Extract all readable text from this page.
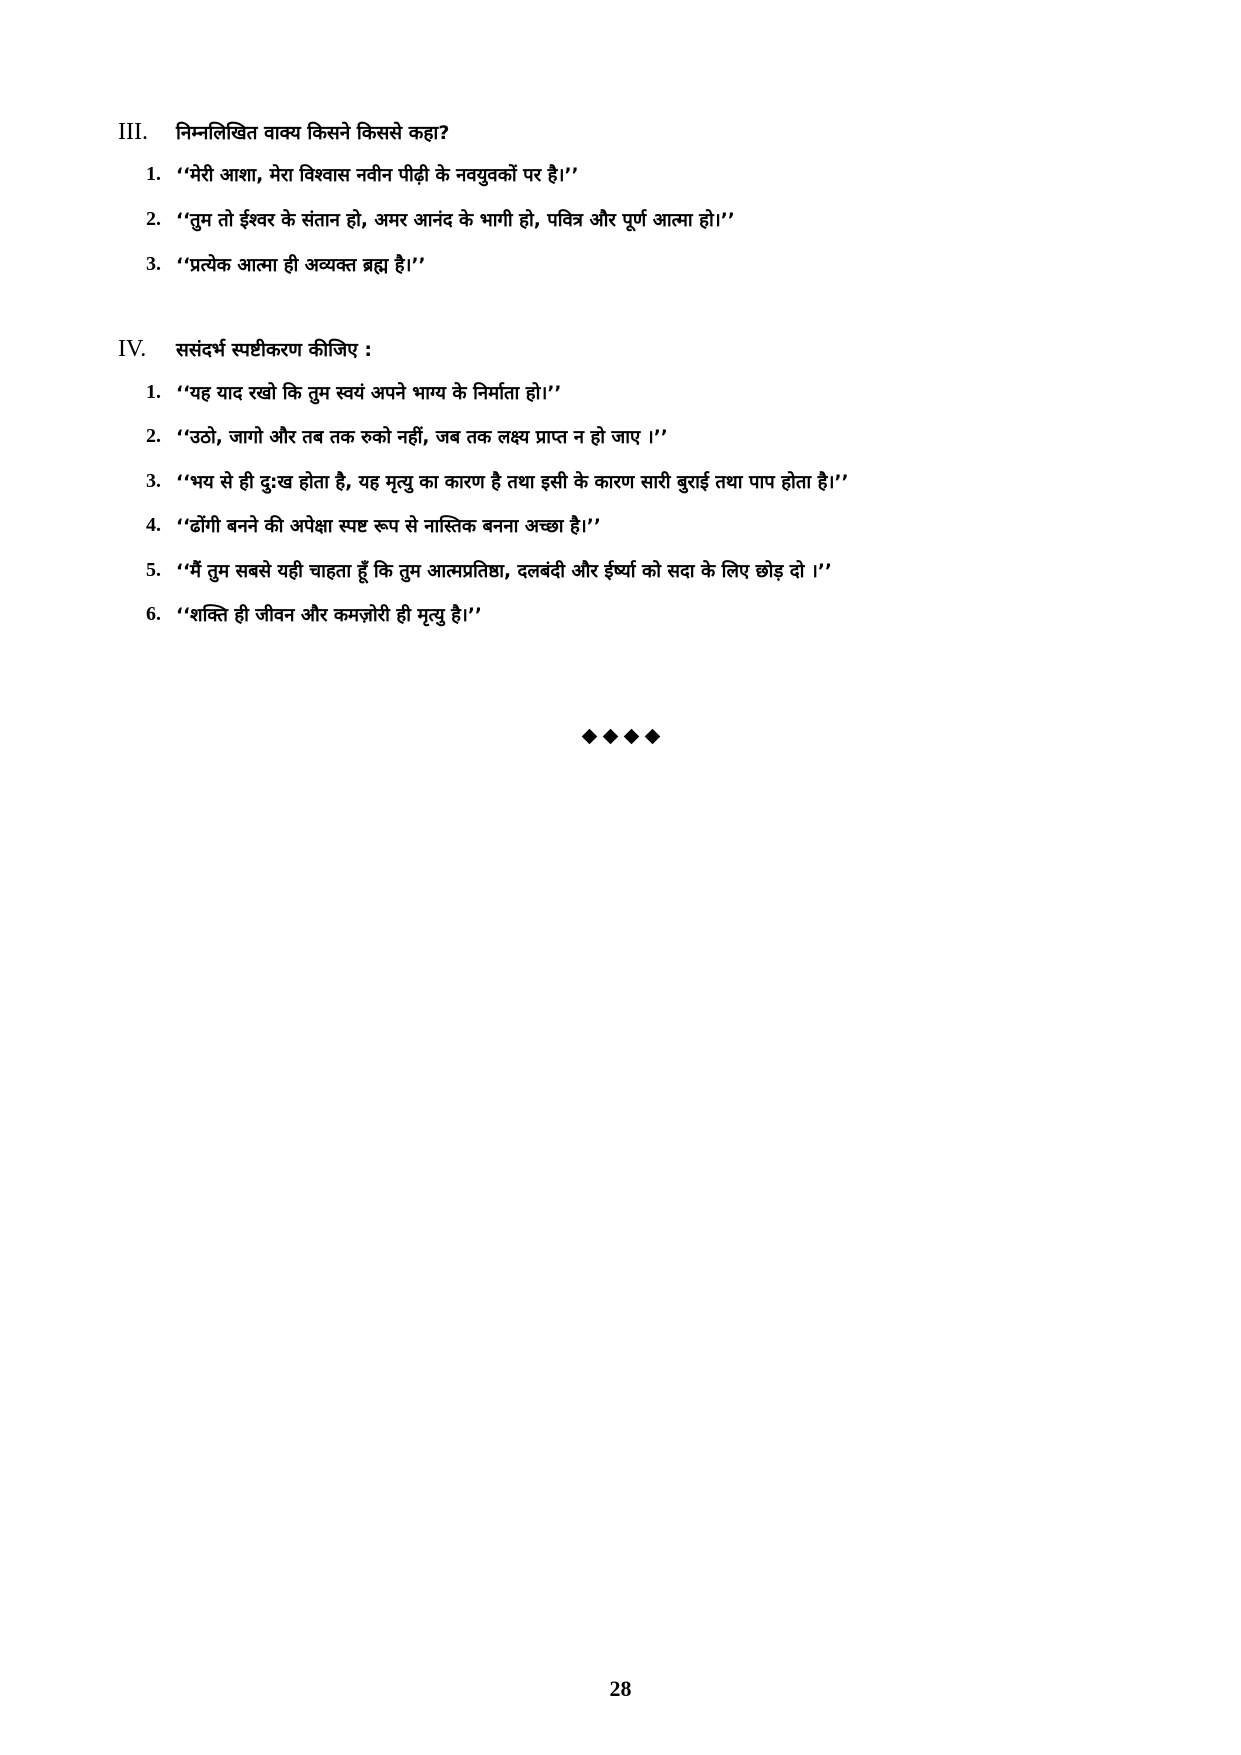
III.	निम्नलिखित वाक्य किसने किससे कहा?
1. ‘‘मेरी आशा, मेरा विश्वास नवीन पीढ़ी के नवयुवकों पर है।’’
2. ‘‘तुम तो ईश्वर के संतान हो, अमर आनंद के भागी हो, पवित्र और पूर्ण आत्मा हो।’’
3. ‘‘प्रत्येक आत्मा ही अव्यक्त ब्रह्म है।’’
IV.	ससंदर्भ स्पष्टीकरण कीजिए :
1. ‘‘यह याद रखो कि तुम स्वयं अपने भाग्य के निर्माता हो।’’
2. ‘‘उठो, जागो और तब तक रुको नहीं, जब तक लक्ष्य प्राप्त न हो जाए ।’’
3. ‘‘भय से ही दु:ख होता है, यह मृत्यु का कारण है तथा इसी के कारण सारी बुराई तथा पाप होता है।’’
4. ‘‘ढोंगी बनने की अपेक्षा स्पष्ट रूप से नास्तिक बनना अच्छा है।’’
5. ‘‘मैं तुम सबसे यही चाहता हूँ कि तुम आत्मप्रतिष्ठा, दलबंदी और ईर्ष्या को सदा के लिए छोड़ दो ।’’
6. ‘‘शक्ति ही जीवन और कमज़ोरी ही मृत्यु है।’’
28
